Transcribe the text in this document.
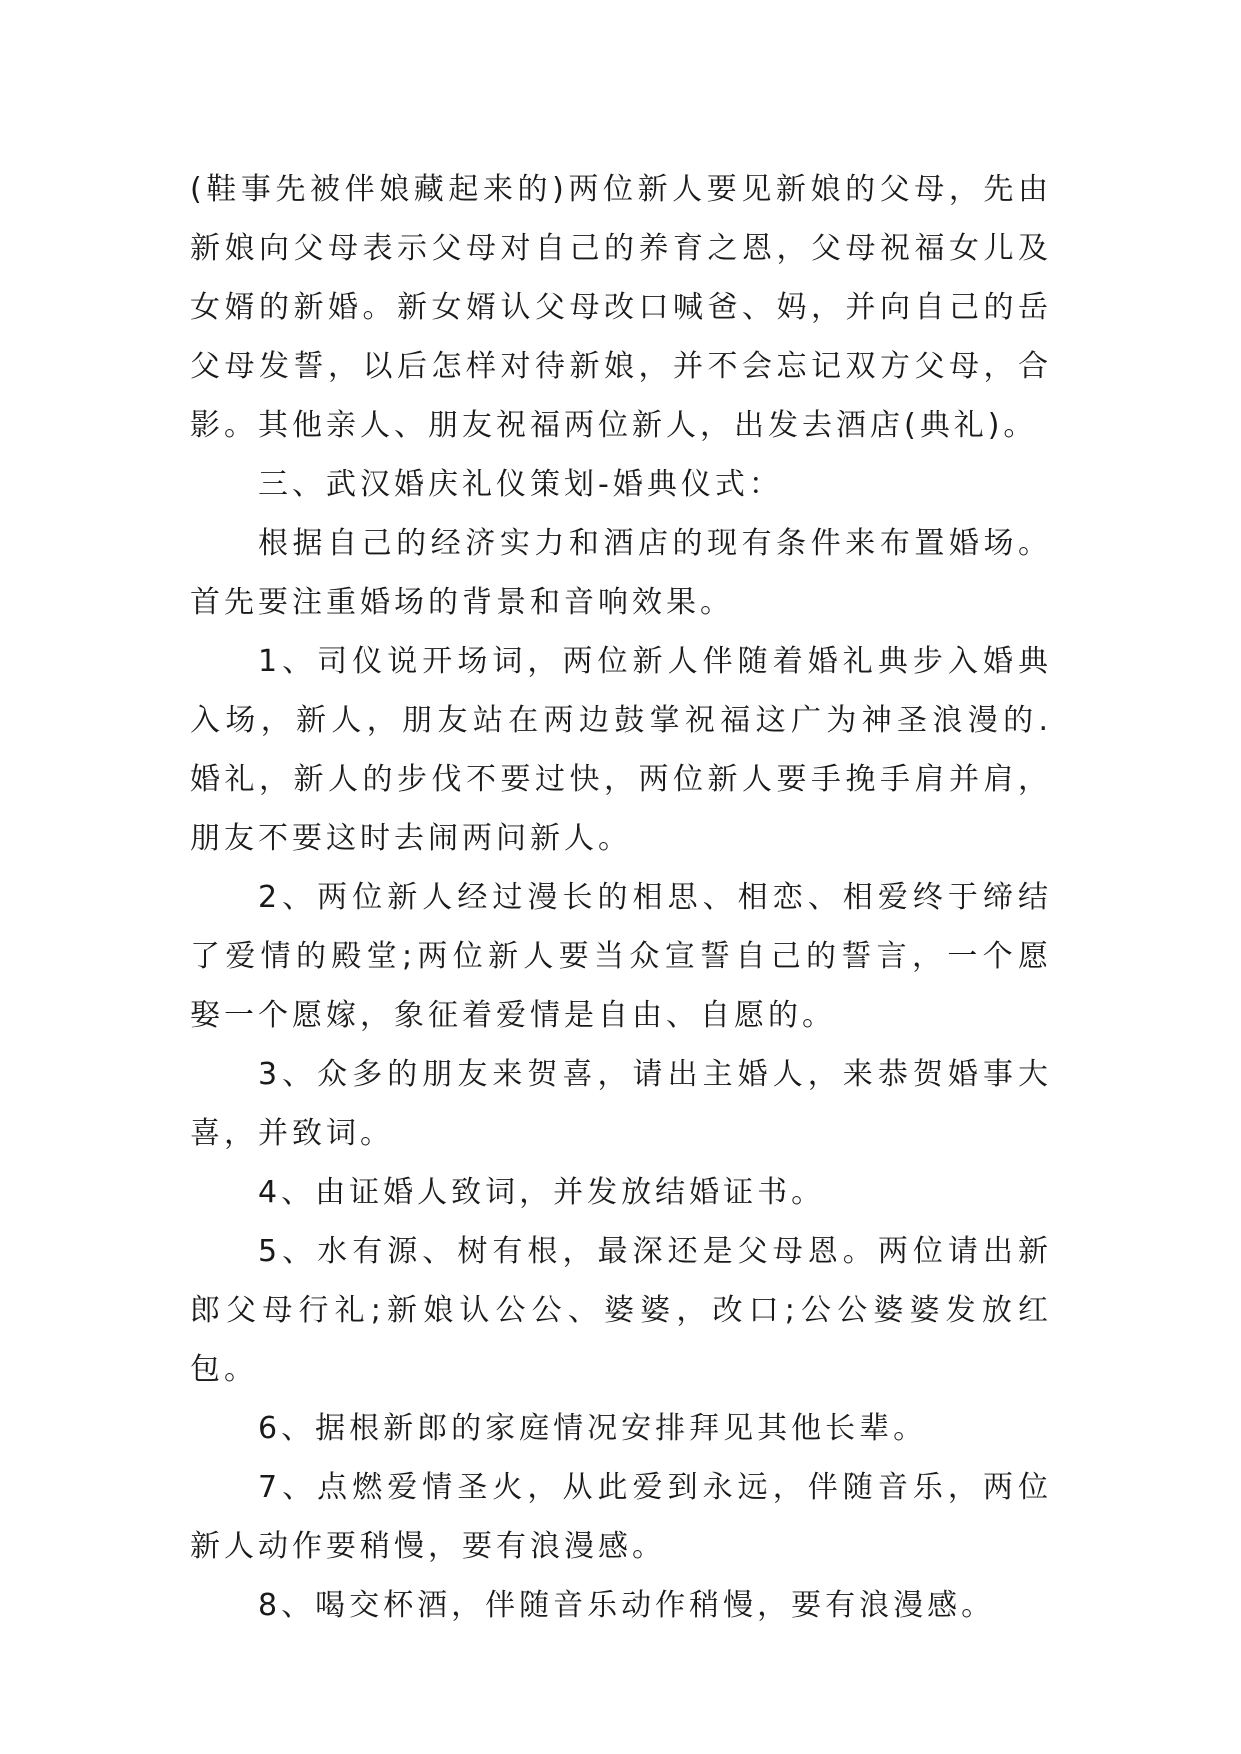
(鞋事先被伴娘藏起来的)两位新人要见新娘的父母，先由新娘向父母表示父母对自己的养育之恩，父母祝福女儿及女婿的新婚。新女婿认父母改口喊爸、妈，并向自己的岳父母发誓，以后怎样对待新娘，并不会忘记双方父母，合影。其他亲人、朋友祝福两位新人，出发去酒店(典礼)。

三、武汉婚庆礼仪策划-婚典仪式：

根据自己的经济实力和酒店的现有条件来布置婚场。首先要注重婚场的背景和音响效果。

1、司仪说开场词，两位新人伴随着婚礼典步入婚典入场，新人，朋友站在两边鼓掌祝福这广为神圣浪漫的.婚礼，新人的步伐不要过快，两位新人要手挽手肩并肩，朋友不要这时去闹两问新人。

2、两位新人经过漫长的相思、相恋、相爱终于缔结了爱情的殿堂;两位新人要当众宣誓自己的誓言，一个愿娶一个愿嫁，象征着爱情是自由、自愿的。

3、众多的朋友来贺喜，请出主婚人，来恭贺婚事大喜，并致词。

4、由证婚人致词，并发放结婚证书。

5、水有源、树有根，最深还是父母恩。两位请出新郎父母行礼;新娘认公公、婆婆，改口;公公婆婆发放红包。

6、据根新郎的家庭情况安排拜见其他长辈。

7、点燃爱情圣火，从此爱到永远，伴随音乐，两位新人动作要稍慢，要有浪漫感。

8、喝交杯酒，伴随音乐动作稍慢，要有浪漫感。
